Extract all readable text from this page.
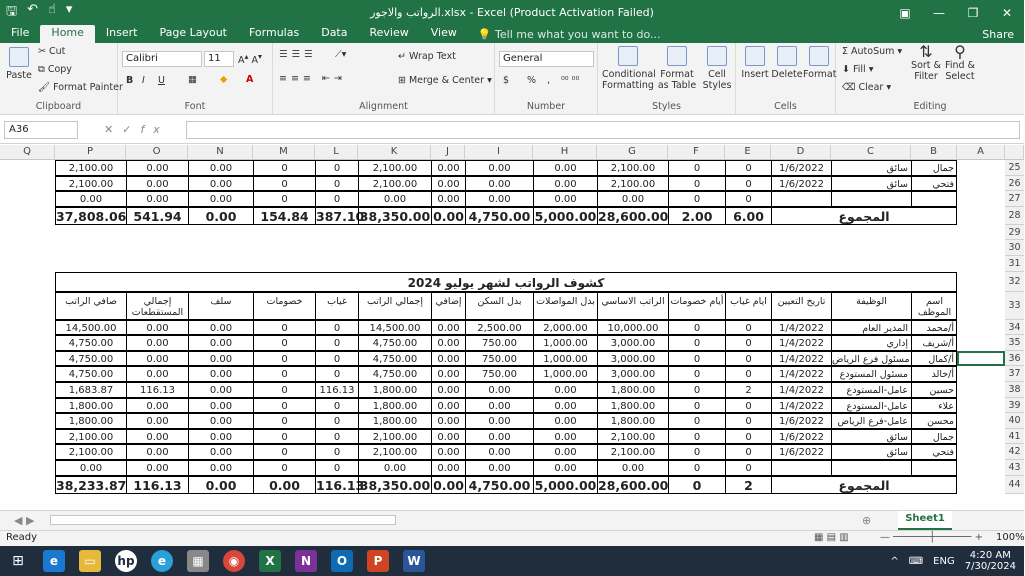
🖫 ↶ ☝ ▾	الرواتب والاجور.xlsx - Excel (Product Activation Failed)	▣	—	❐	✕
File	Home	Insert	Page Layout	Formulas	Data	Review	View	💡 Tell me what you want to do...	Share

Paste
✂ Cut
⧉ Copy
🖌 Format Painter
Clipboard
Calibri	11	A▴ A▾
B I U ▦ ◆ A
Font
☰☰☰ ⟋▾
≡≡≡ ⇤⇥
↵ Wrap Text
⊞ Merge & Center ▾
Alignment
General
$ % , ⁰⁰ ⁰⁰
Number

Conditional Formatting

Format as Table

Cell Styles
Styles

Insert Delete Format
Cells
Σ AutoSum ▾
⬇ Fill ▾
⌫ Clear ▾
⇅
Sort & Filter
⚲
Find & Select
Editing
A36	✕✓fx
Q	P	O	N	M	L	K	J	I	H	G	F	E	D	C	B	A
25
2,100.00	0.00	0.00	0	0	2,100.00	0.00	0.00	0.00	2,100.00	0	0	1/6/2022	سائق	جمال
26
2,100.00	0.00	0.00	0	0	2,100.00	0.00	0.00	0.00	2,100.00	0	0	1/6/2022	سائق	فتحي
27
0.00	0.00	0.00	0	0	0.00	0.00	0.00	0.00	0.00	0	0
28
37,808.06 541.94	0.00	154.84 387.10
38,350.00 0.00 4,750.00 5,000.00 28,600.00	2.00	6.00	المجموع
29
30
31
32
كشوف الرواتب لشهر يوليو 2024
33
صافي الراتب	إجمالي المستقطعات
سلف	خصومات	غياب	إجمالي الراتب	إضافي	بدل السكن	بدل المواصلات الراتب الاساسي أيام خصومات ايام غياب	تاريخ التعيين	الوظيفة	اسم الموظف
34
14,500.00	0.00	0.00	0	0	14,500.00	0.00	2,500.00	2,000.00	10,000.00	0	0	1/4/2022	المدير العام	أ/محمد
35
4,750.00	0.00	0.00	0	0	4,750.00	0.00	750.00	1,000.00	3,000.00	0	0	1/4/2022	إداري	أ/شريف
36
4,750.00	0.00	0.00	0	0	4,750.00	0.00	750.00	1,000.00	3,000.00	0	0	1/4/2022 مسئول فرع الرياض	أ/كمال
37
4,750.00	0.00	0.00	0	0	4,750.00	0.00	750.00	1,000.00	3,000.00	0	0	1/4/2022	مسئول المستودع	أ/خالد
38
1,683.87	116.13	0.00	0	116.13	1,800.00	0.00	0.00	0.00	1,800.00	0	2	1/4/2022	عامل-المستودع	حسين
39
1,800.00	0.00	0.00	0	0	1,800.00	0.00	0.00	0.00	1,800.00	0	0	1/4/2022	عامل-المستودع	علاء
40
1,800.00	0.00	0.00	0	0	1,800.00	0.00	0.00	0.00	1,800.00	0	0	1/6/2022	عامل-فرع الرياض	محسن
41
2,100.00	0.00	0.00	0	0	2,100.00	0.00	0.00	0.00	2,100.00	0	0	1/6/2022	سائق	جمال
42
2,100.00	0.00	0.00	0	0	2,100.00	0.00	0.00	0.00	2,100.00	0	0	1/6/2022	سائق	فتحي
43
0.00	0.00	0.00	0	0	0.00	0.00	0.00	0.00	0.00	0	0
44
38,233.87 116.13	0.00	0.00	116.13
38,350.00 0.00 4,750.00 5,000.00 28,600.00	0	2	المجموع
◀ ▶	⊕	Sheet1
Ready	▦ ▤ ▥	— ──────┼────── + 100%
⊞	e	▭	hp	e	▦	◉	X	N	O	P	W	^ ⌨ ENG	4:20 AM
7/30/2024
